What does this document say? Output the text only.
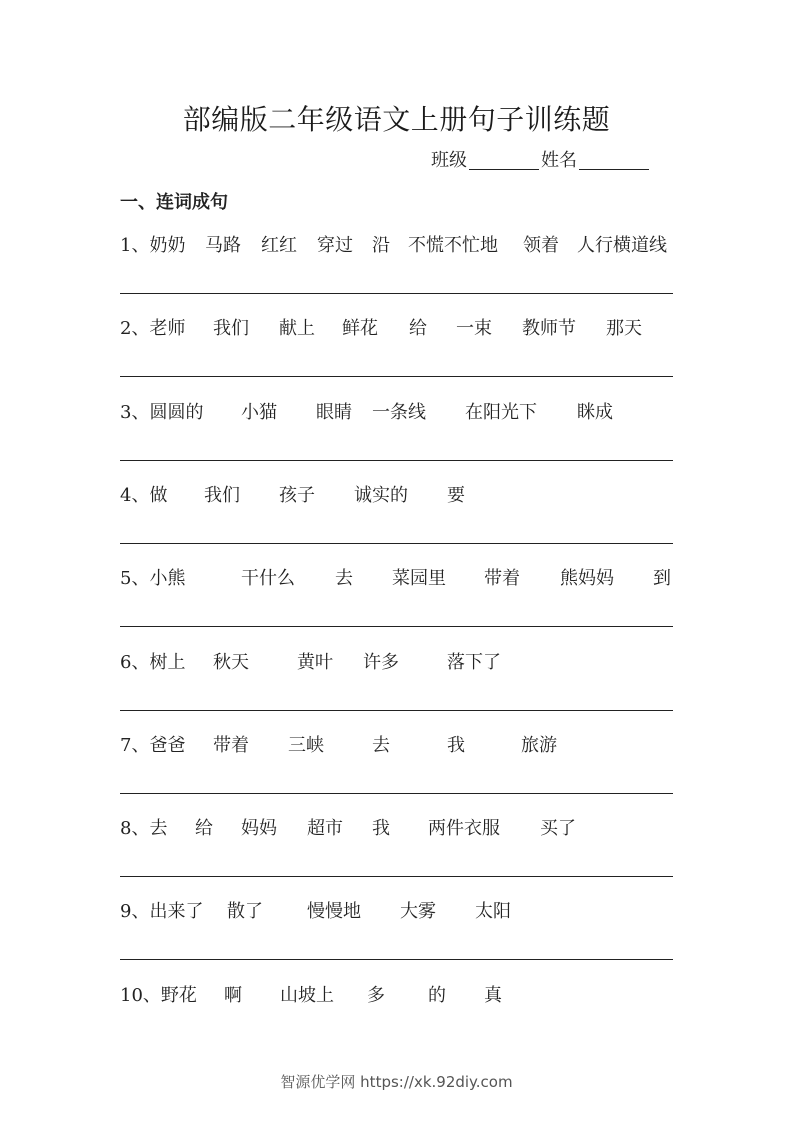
部编版二年级语文上册句子训练题
班级	姓名
一、连词成句
1、奶奶 马路 红红 穿过 沿 不慌不忙地 领着 人行横道线
2、老师 我们 献上 鲜花 给 一束 教师节 那天
3、圆圆的 小猫 眼睛 一条线 在阳光下 眯成
4、做 我们 孩子 诚实的 要
5、小熊	干什么 去 菜园里 带着 熊妈妈 到
6、树上 秋天	黄叶 许多	落下了
7、爸爸 带着 三峡	去	我	旅游
8、去 给 妈妈 超市 我 两件衣服 买了
9、出来了 散了 慢慢地 大雾 太阳
10、野花 啊 山坡上 多 的 真
智源优学网 https://xk.92diy.com
